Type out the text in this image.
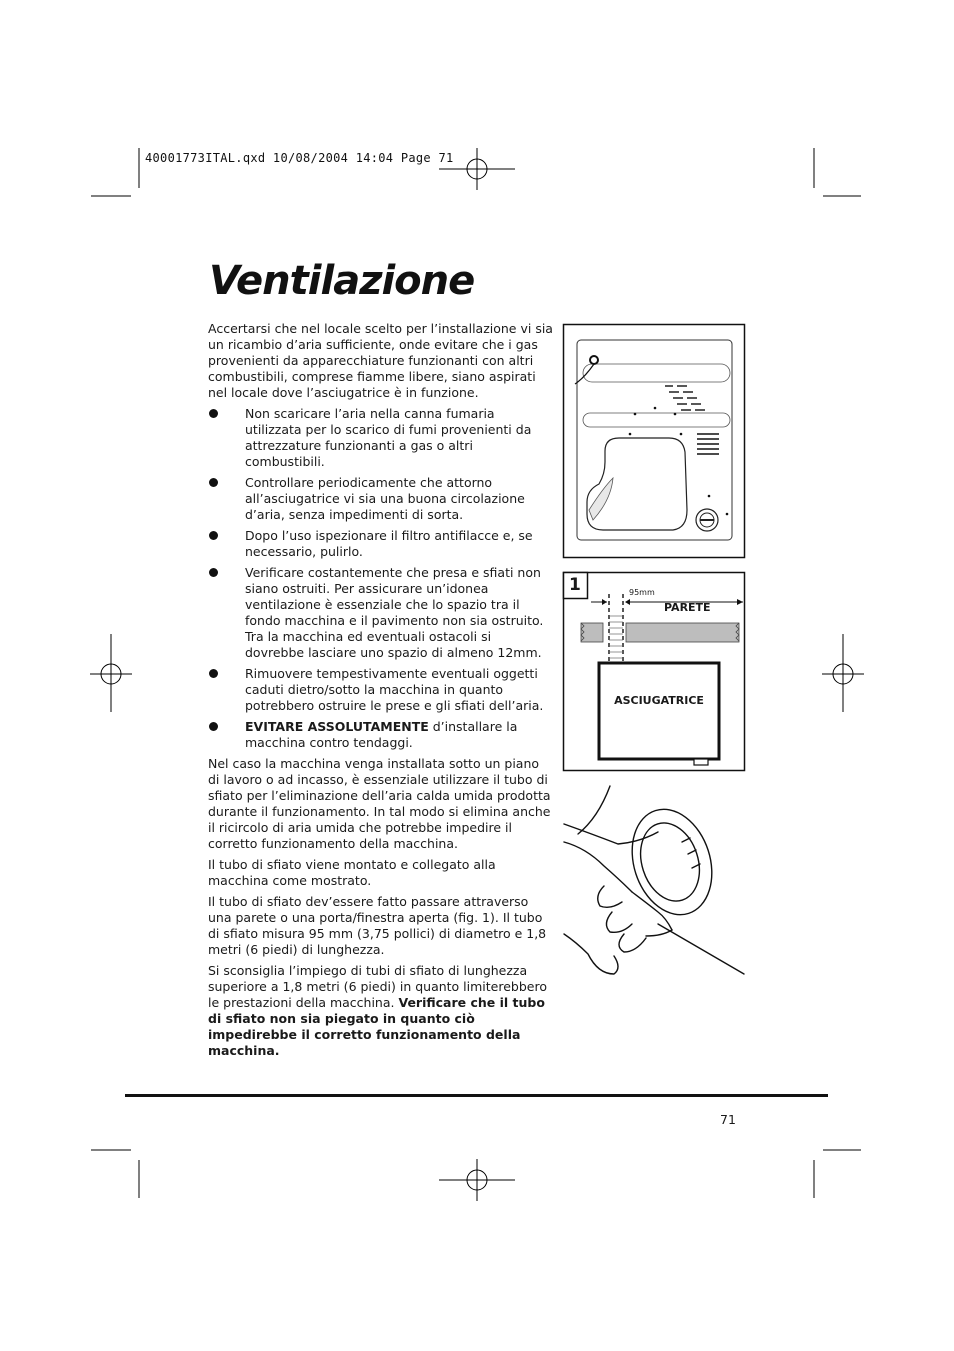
40001773ITAL.qxd 10/08/2004 14:04 Page 71
Ventilazione

Accertarsi che nel locale scelto per l’installazione vi sia un ricambio d’aria sufficiente, onde evitare che i gas provenienti da apparecchiature funzionanti con altri combustibili, comprese fiamme libere, siano aspirati nel locale dove l’asciugatrice è in funzione.

Non scaricare l’aria nella canna fumaria utilizzata per lo scarico di fumi provenienti da attrezzature funzionanti a gas o altri combustibili.
Controllare periodicamente che attorno all’asciugatrice vi sia una buona circolazione d’aria, senza impedimenti di sorta.
Dopo l’uso ispezionare il filtro antifilacce e, se necessario, pulirlo.
Verificare costantemente che presa e sfiati non siano ostruiti. Per assicurare un’idonea ventilazione è essenziale che lo spazio tra il fondo macchina e il pavimento non sia ostruito. Tra la macchina ed eventuali ostacoli si dovrebbe lasciare uno spazio di almeno 12mm.
Rimuovere tempestivamente eventuali oggetti caduti dietro/sotto la macchina in quanto potrebbero ostruire le prese e gli sfiati dell’aria.
EVITARE ASSOLUTAMENTE d’installare la macchina contro tendaggi.

Nel caso la macchina venga installata sotto un piano di lavoro o ad incasso, è essenziale utilizzare il tubo di sfiato per l’eliminazione dell’aria calda umida prodotta durante il funzionamento. In tal modo si elimina anche il ricircolo di aria umida che potrebbe impedire il corretto funzionamento della macchina.

Il tubo di sfiato viene montato e collegato alla macchina come mostrato.

Il tubo di sfiato dev’essere fatto passare attraverso una parete o una porta/finestra aperta (fig. 1). Il tubo di sfiato misura 95 mm (3,75 pollici) di diametro e 1,8 metri (6 piedi) di lunghezza.

Si sconsiglia l’impiego di tubi di sfiato di lunghezza superiore a 1,8 metri (6 piedi) in quanto limiterebbero le prestazioni della macchina. Verificare che il tubo di sfiato non sia piegato in quanto ciò impedirebbe il corretto funzionamento della macchina.

1	95mm
PARETE
ASCIUGATRICE
71
